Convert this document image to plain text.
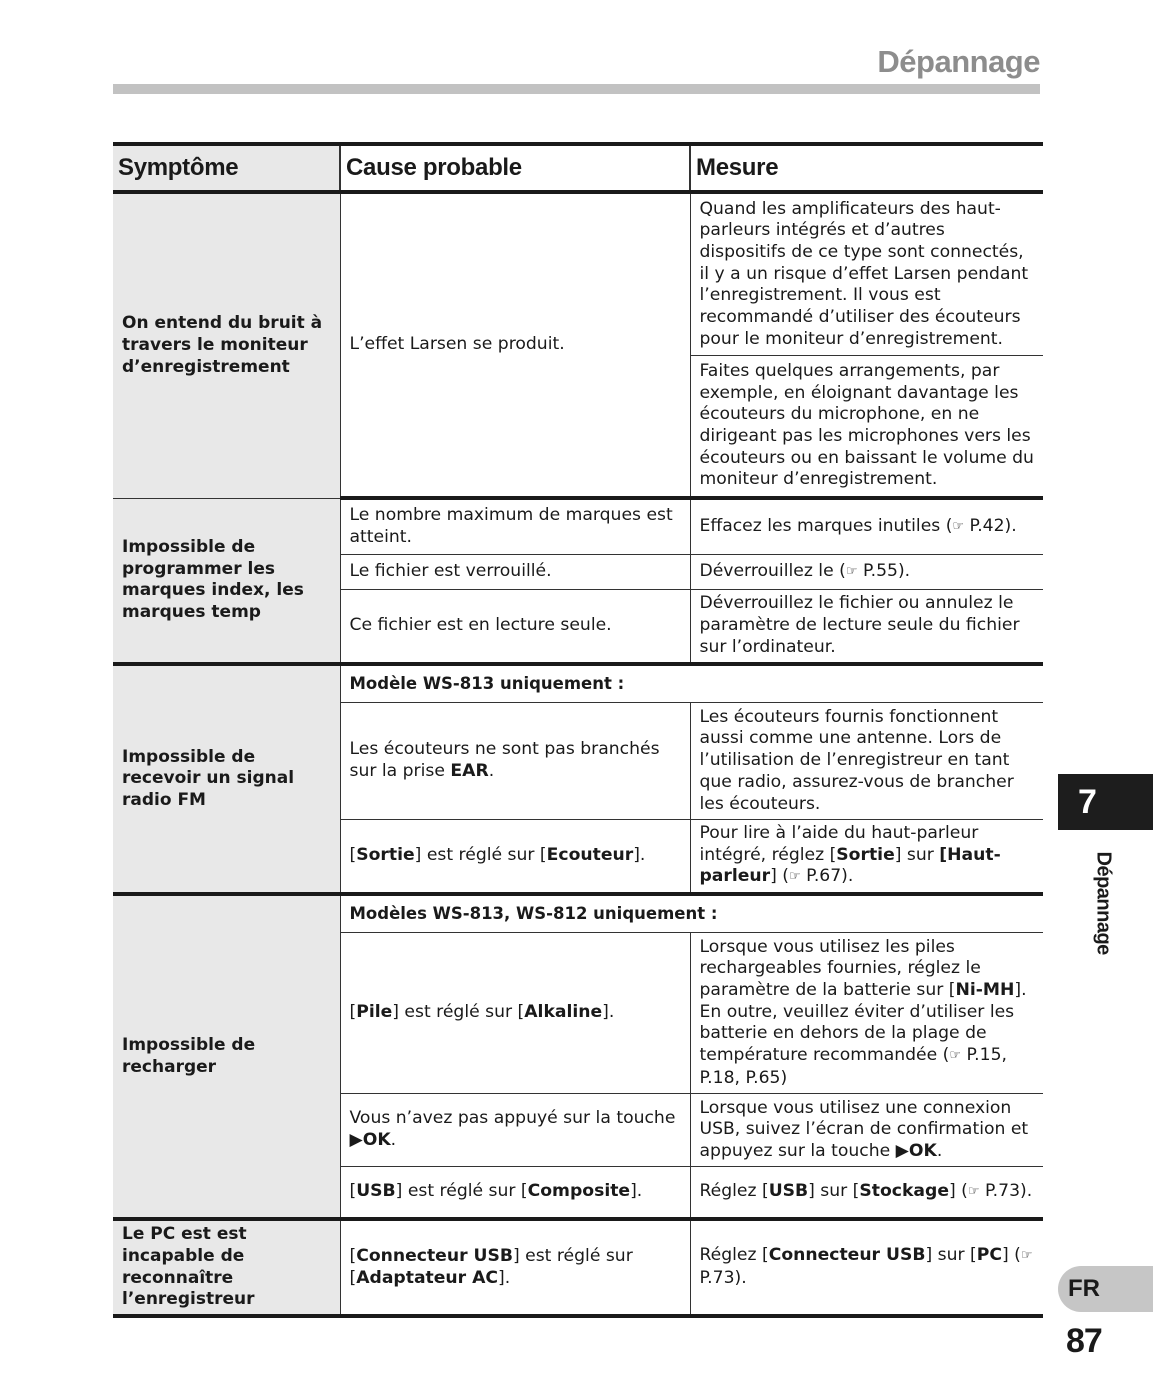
Dépannage
Symptôme	Cause probable	Mesure
On entend du bruit à travers le moniteur d’enregistrement	L’effet Larsen se produit.	Quand les amplificateurs des haut-parleurs intégrés et d’autres dispositifs de ce type sont connectés, il y a un risque d’effet Larsen pendant l’enregistrement. Il vous est recommandé d’utiliser des écouteurs pour le moniteur d’enregistrement.
		Faites quelques arrangements, par exemple, en éloignant davantage les écouteurs du microphone, en ne dirigeant pas les microphones vers les écouteurs ou en baissant le volume du moniteur d’enregistrement.
Impossible de programmer les marques index, les marques temp	Le nombre maximum de marques est atteint.	Effacez les marques inutiles (☞ P.42).
	Le fichier est verrouillé.	Déverrouillez le (☞ P.55).
	Ce fichier est en lecture seule.	Déverrouillez le fichier ou annulez le paramètre de lecture seule du fichier sur l’ordinateur.
Impossible de recevoir un signal radio FM	Modèle WS-813 uniquement :	
	Les écouteurs ne sont pas branchés sur la prise EAR.	Les écouteurs fournis fonctionnent aussi comme une antenne. Lors de l’utilisation de l’enregistreur en tant que radio, assurez-vous de brancher les écouteurs.
	[Sortie] est réglé sur [Ecouteur].	Pour lire à l’aide du haut-parleur intégré, réglez [Sortie] sur [Haut-parleur] (☞ P.67).
Impossible de recharger	Modèles WS-813, WS-812 uniquement :	
	[Pile] est réglé sur [Alkaline].	Lorsque vous utilisez les piles rechargeables fournies, réglez le paramètre de la batterie sur [Ni-MH]. En outre, veuillez éviter d’utiliser les batterie en dehors de la plage de température recommandée (☞ P.15, P.18, P.65)
	Vous n’avez pas appuyé sur la touche ▶OK.	Lorsque vous utilisez une connexion USB, suivez l’écran de confirmation et appuyez sur la touche ▶OK.
	[USB] est réglé sur [Composite].	Réglez [USB] sur [Stockage] (☞ P.73).
Le PC est est incapable de reconnaître l’enregistreur	[Connecteur USB] est réglé sur [Adaptateur AC].	Réglez [Connecteur USB] sur [PC] (☞ P.73).
7
Dépannage
FR
87
